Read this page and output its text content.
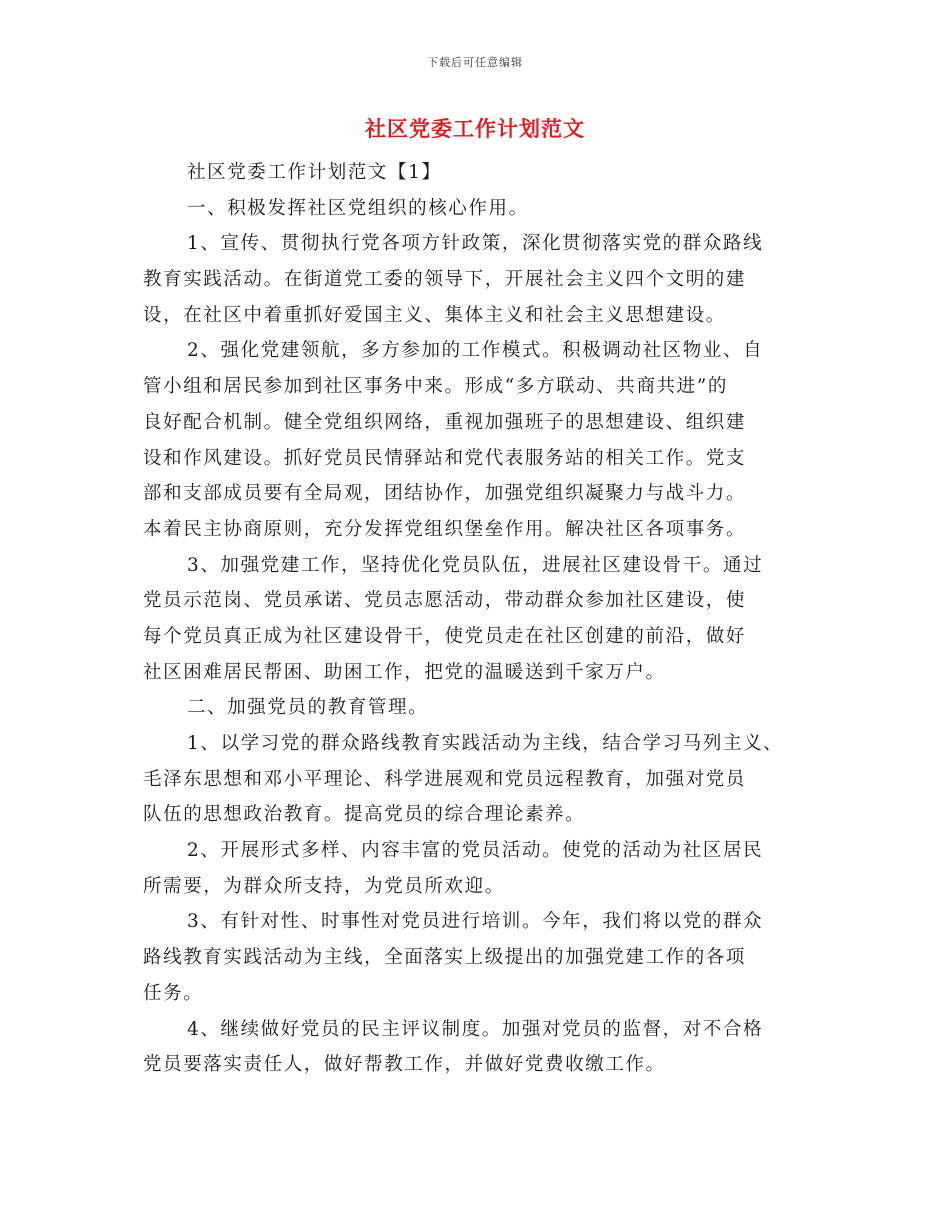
下载后可任意编辑
社区党委工作计划范文
社区党委工作计划范文【1】
一、积极发挥社区党组织的核心作用。
1、宣传、贯彻执行党各项方针政策，深化贯彻落实党的群众路线
教育实践活动。在街道党工委的领导下，开展社会主义四个文明的建
设，在社区中着重抓好爱国主义、集体主义和社会主义思想建设。
2、强化党建领航，多方参加的工作模式。积极调动社区物业、自
管小组和居民参加到社区事务中来。形成“多方联动、共商共进”的
良好配合机制。健全党组织网络，重视加强班子的思想建设、组织建
设和作风建设。抓好党员民情驿站和党代表服务站的相关工作。党支
部和支部成员要有全局观，团结协作，加强党组织凝聚力与战斗力。
本着民主协商原则，充分发挥党组织堡垒作用。解决社区各项事务。
3、加强党建工作，坚持优化党员队伍，进展社区建设骨干。通过
党员示范岗、党员承诺、党员志愿活动，带动群众参加社区建设，使
每个党员真正成为社区建设骨干，使党员走在社区创建的前沿，做好
社区困难居民帮困、助困工作，把党的温暖送到千家万户。
二、加强党员的教育管理。
1、以学习党的群众路线教育实践活动为主线，结合学习马列主义、
毛泽东思想和邓小平理论、科学进展观和党员远程教育，加强对党员
队伍的思想政治教育。提高党员的综合理论素养。
2、开展形式多样、内容丰富的党员活动。使党的活动为社区居民
所需要，为群众所支持，为党员所欢迎。
3、有针对性、时事性对党员进行培训。今年，我们将以党的群众
路线教育实践活动为主线，全面落实上级提出的加强党建工作的各项
任务。
4、继续做好党员的民主评议制度。加强对党员的监督，对不合格
党员要落实责任人，做好帮教工作，并做好党费收缴工作。
